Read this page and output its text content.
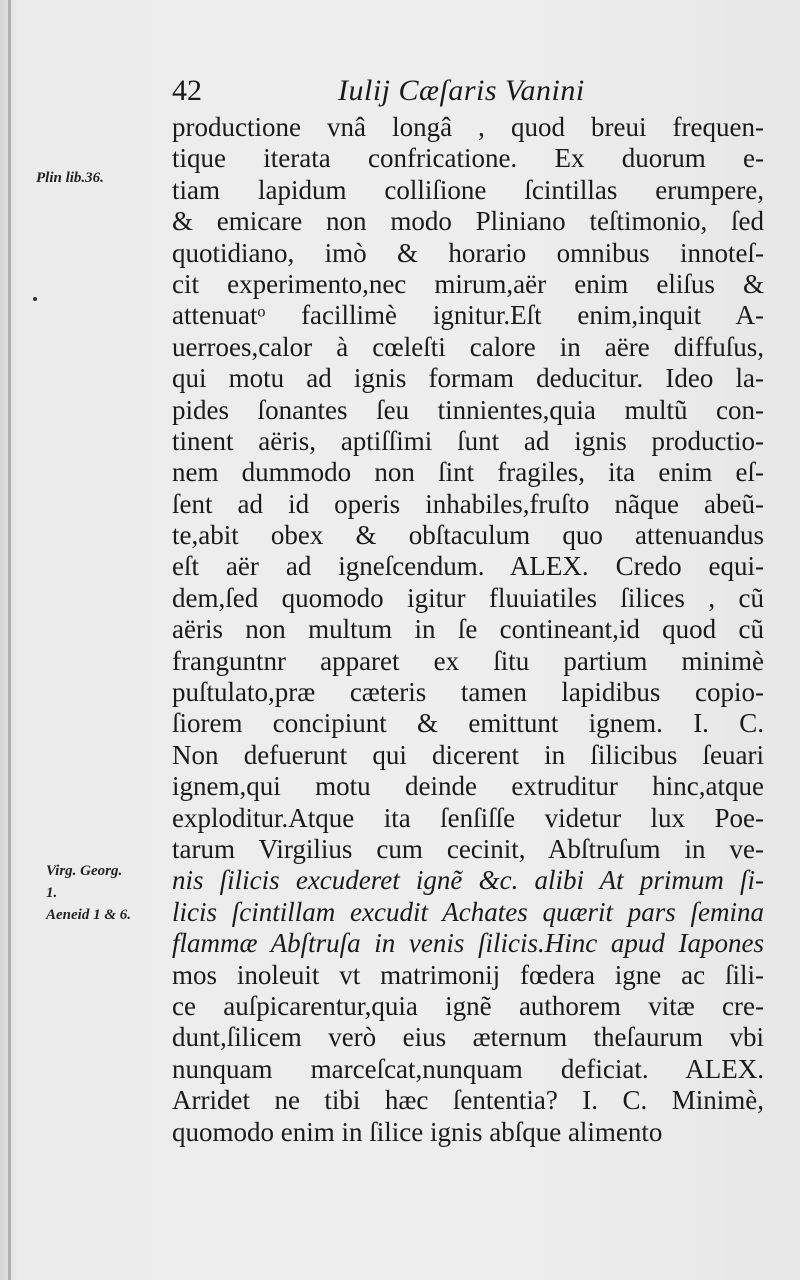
42	Iulij Cæſaris Vanini
Plin lib.36.
Virg. Georg.
1.
Aeneid 1 & 6.
productione vnâ longâ , quod breui frequen-
tique iterata confricatione. Ex duorum e-
tiam lapidum colliſione ſcintillas erumpere,
& emicare non modo Pliniano teſtimonio, ſed
quotidiano, imò & horario omnibus innoteſ-
cit experimento,nec mirum,aër enim eliſus &
attenuatᵒ facillimè ignitur.Eſt enim,inquit A-
uerroes,calor à cœleſti calore in aëre diffuſus,
qui motu ad ignis formam deducitur. Ideo la-
pides ſonantes ſeu tinnientes,quia multũ con-
tinent aëris, aptiſſimi ſunt ad ignis productio-
nem dummodo non ſint fragiles, ita enim eſ-
ſent ad id operis inhabiles,fruſto nãque abeũ-
te,abit obex & obſtaculum quo attenuandus
eſt aër ad igneſcendum. ALEX. Credo equi-
dem,ſed quomodo igitur fluuiatiles ſilices , cũ
aëris non multum in ſe contineant,id quod cũ
franguntnr apparet ex ſitu partium minimè
puſtulato,præ cæteris tamen lapidibus copio-
ſiorem concipiunt & emittunt ignem. I. C.
Non defuerunt qui dicerent in ſilicibus ſeuari
ignem,qui motu deinde extruditur hinc,atque
exploditur.Atque ita ſenſiſſe videtur lux Poe-
tarum Virgilius cum cecinit, Abſtruſum in ve-
nis ſilicis excuderet ignẽ &c. alibi At primum ſi-
licis ſcintillam excudit Achates quærit pars ſemina
flammæ Abſtruſa in venis ſilicis.Hinc apud Iapones
mos inoleuit vt matrimonij fœdera igne ac ſili-
ce auſpicarentur,quia ignẽ authorem vitæ cre-
dunt,ſilicem verò eius æternum theſaurum vbi
nunquam marceſcat,nunquam deficiat. ALEX.
Arridet ne tibi hæc ſententia? I. C. Minimè,
quomodo enim in ſilice ignis abſque alimento
